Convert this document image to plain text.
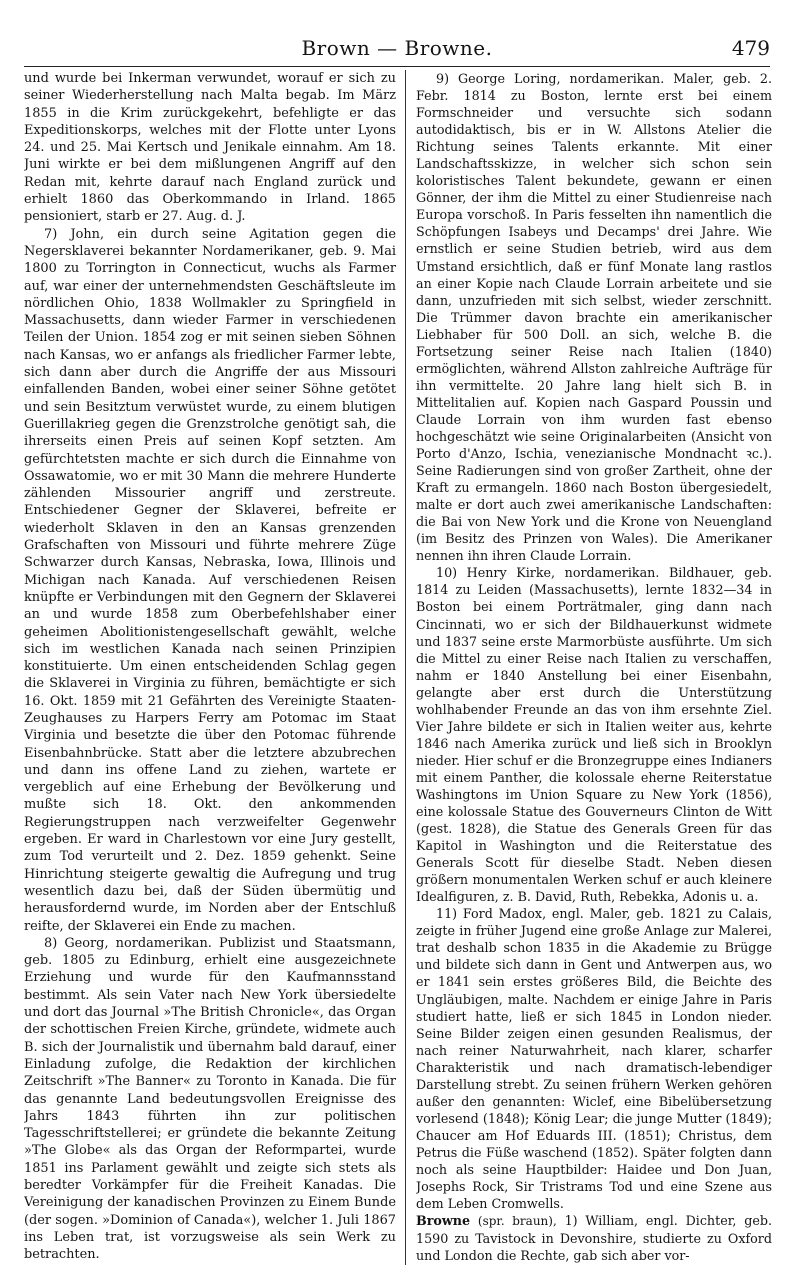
Brown — Browne.	479

und wurde bei Inkerman verwundet, worauf er sich zu seiner Wiederherstellung nach Malta begab. Im März 1855 in die Krim zurückgekehrt, befehligte er das Expeditionskorps, welches mit der Flotte unter Lyons 24. und 25. Mai Kertsch und Jenikale einnahm. Am 18. Juni wirkte er bei dem mißlungenen Angriff auf den Redan mit, kehrte darauf nach England zurück und erhielt 1860 das Oberkommando in Irland. 1865 pensioniert, starb er 27. Aug. d. J.

7) John, ein durch seine Agitation gegen die Negersklaverei bekannter Nordamerikaner, geb. 9. Mai 1800 zu Torrington in Connecticut, wuchs als Farmer auf, war einer der unternehmendsten Geschäftsleute im nördlichen Ohio, 1838 Wollmakler zu Springfield in Massachusetts, dann wieder Farmer in verschiedenen Teilen der Union. 1854 zog er mit seinen sieben Söhnen nach Kansas, wo er anfangs als friedlicher Farmer lebte, sich dann aber durch die Angriffe der aus Missouri einfallenden Banden, wobei einer seiner Söhne getötet und sein Besitztum verwüstet wurde, zu einem blutigen Guerillakrieg gegen die Grenzstrolche genötigt sah, die ihrerseits einen Preis auf seinen Kopf setzten. Am gefürchtetsten machte er sich durch die Einnahme von Ossawatomie, wo er mit 30 Mann die mehrere Hunderte zählenden Missourier angriff und zerstreute. Entschiedener Gegner der Sklaverei, befreite er wiederholt Sklaven in den an Kansas grenzenden Grafschaften von Missouri und führte mehrere Züge Schwarzer durch Kansas, Nebraska, Iowa, Illinois und Michigan nach Kanada. Auf verschiedenen Reisen knüpfte er Verbindungen mit den Gegnern der Sklaverei an und wurde 1858 zum Oberbefehlshaber einer geheimen Abolitionistengesellschaft gewählt, welche sich im westlichen Kanada nach seinen Prinzipien konstituierte. Um einen entscheidenden Schlag gegen die Sklaverei in Virginia zu führen, bemächtigte er sich 16. Okt. 1859 mit 21 Gefährten des Vereinigte Staaten-Zeughauses zu Harpers Ferry am Potomac im Staat Virginia und besetzte die über den Potomac führende Eisenbahnbrücke. Statt aber die letztere abzubrechen und dann ins offene Land zu ziehen, wartete er vergeblich auf eine Erhebung der Bevölkerung und mußte sich 18. Okt. den ankommenden Regierungstruppen nach verzweifelter Gegenwehr ergeben. Er ward in Charlestown vor eine Jury gestellt, zum Tod verurteilt und 2. Dez. 1859 gehenkt. Seine Hinrichtung steigerte gewaltig die Aufregung und trug wesentlich dazu bei, daß der Süden übermütig und herausfordernd wurde, im Norden aber der Entschluß reifte, der Sklaverei ein Ende zu machen.

8) Georg, nordamerikan. Publizist und Staatsmann, geb. 1805 zu Edinburg, erhielt eine ausgezeichnete Erziehung und wurde für den Kaufmannsstand bestimmt. Als sein Vater nach New York übersiedelte und dort das Journal »The British Chronicle«, das Organ der schottischen Freien Kirche, gründete, widmete auch B. sich der Journalistik und übernahm bald darauf, einer Einladung zufolge, die Redaktion der kirchlichen Zeitschrift »The Banner« zu Toronto in Kanada. Die für das genannte Land bedeutungsvollen Ereignisse des Jahrs 1843 führten ihn zur politischen Tagesschriftstellerei; er gründete die bekannte Zeitung »The Globe« als das Organ der Reformpartei, wurde 1851 ins Parlament gewählt und zeigte sich stets als beredter Vorkämpfer für die Freiheit Kanadas. Die Vereinigung der kanadischen Provinzen zu Einem Bunde (der sogen. »Dominion of Canada«), welcher 1. Juli 1867 ins Leben trat, ist vorzugsweise als sein Werk zu betrachten.

9) George Loring, nordamerikan. Maler, geb. 2. Febr. 1814 zu Boston, lernte erst bei einem Formschneider und versuchte sich sodann autodidaktisch, bis er in W. Allstons Atelier die Richtung seines Talents erkannte. Mit einer Landschaftsskizze, in welcher sich schon sein koloristisches Talent bekundete, gewann er einen Gönner, der ihm die Mittel zu einer Studienreise nach Europa vorschoß. In Paris fesselten ihn namentlich die Schöpfungen Isabeys und Decamps' drei Jahre. Wie ernstlich er seine Studien betrieb, wird aus dem Umstand ersichtlich, daß er fünf Monate lang rastlos an einer Kopie nach Claude Lorrain arbeitete und sie dann, unzufrieden mit sich selbst, wieder zerschnitt. Die Trümmer davon brachte ein amerikanischer Liebhaber für 500 Doll. an sich, welche B. die Fortsetzung seiner Reise nach Italien (1840) ermöglichten, während Allston zahlreiche Aufträge für ihn vermittelte. 20 Jahre lang hielt sich B. in Mittelitalien auf. Kopien nach Gaspard Poussin und Claude Lorrain von ihm wurden fast ebenso hochgeschätzt wie seine Originalarbeiten (Ansicht von Porto d'Anzo, Ischia, venezianische Mondnacht ꝛc.). Seine Radierungen sind von großer Zartheit, ohne der Kraft zu ermangeln. 1860 nach Boston übergesiedelt, malte er dort auch zwei amerikanische Landschaften: die Bai von New York und die Krone von Neuengland (im Besitz des Prinzen von Wales). Die Amerikaner nennen ihn ihren Claude Lorrain.

10) Henry Kirke, nordamerikan. Bildhauer, geb. 1814 zu Leiden (Massachusetts), lernte 1832—34 in Boston bei einem Porträtmaler, ging dann nach Cincinnati, wo er sich der Bildhauerkunst widmete und 1837 seine erste Marmorbüste ausführte. Um sich die Mittel zu einer Reise nach Italien zu verschaffen, nahm er 1840 Anstellung bei einer Eisenbahn, gelangte aber erst durch die Unterstützung wohlhabender Freunde an das von ihm ersehnte Ziel. Vier Jahre bildete er sich in Italien weiter aus, kehrte 1846 nach Amerika zurück und ließ sich in Brooklyn nieder. Hier schuf er die Bronzegruppe eines Indianers mit einem Panther, die kolossale eherne Reiterstatue Washingtons im Union Square zu New York (1856), eine kolossale Statue des Gouverneurs Clinton de Witt (gest. 1828), die Statue des Generals Green für das Kapitol in Washington und die Reiterstatue des Generals Scott für dieselbe Stadt. Neben diesen größern monumentalen Werken schuf er auch kleinere Idealfiguren, z. B. David, Ruth, Rebekka, Adonis u. a.

11) Ford Madox, engl. Maler, geb. 1821 zu Calais, zeigte in früher Jugend eine große Anlage zur Malerei, trat deshalb schon 1835 in die Akademie zu Brügge und bildete sich dann in Gent und Antwerpen aus, wo er 1841 sein erstes größeres Bild, die Beichte des Ungläubigen, malte. Nachdem er einige Jahre in Paris studiert hatte, ließ er sich 1845 in London nieder. Seine Bilder zeigen einen gesunden Realismus, der nach reiner Naturwahrheit, nach klarer, scharfer Charakteristik und nach dramatisch-lebendiger Darstellung strebt. Zu seinen frühern Werken gehören außer den genannten: Wiclef, eine Bibelübersetzung vorlesend (1848); König Lear; die junge Mutter (1849); Chaucer am Hof Eduards III. (1851); Christus, dem Petrus die Füße waschend (1852). Später folgten dann noch als seine Hauptbilder: Haidee und Don Juan, Josephs Rock, Sir Tristrams Tod und eine Szene aus dem Leben Cromwells.

Browne (spr. braun), 1) William, engl. Dichter, geb. 1590 zu Tavistock in Devonshire, studierte zu Oxford und London die Rechte, gab sich aber vor-
